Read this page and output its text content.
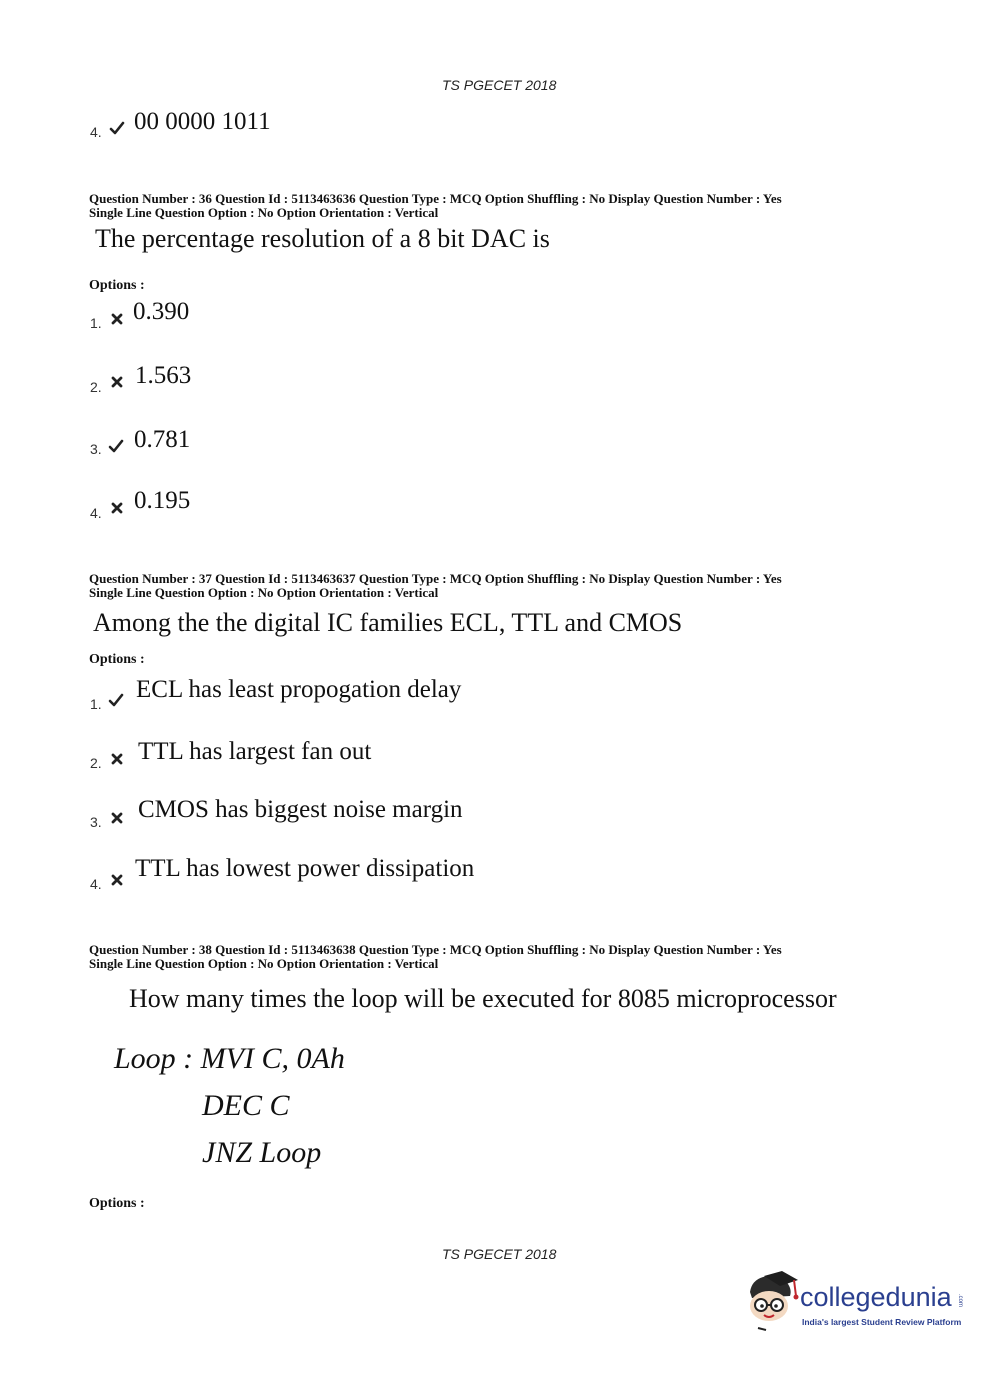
TS PGECET 2018
4. 00 0000 1011
Question Number : 36 Question Id : 5113463636 Question Type : MCQ Option Shuffling : No Display Question Number : Yes
Single Line Question Option : No Option Orientation : Vertical
The percentage resolution of a 8 bit DAC is
Options :
1. 0.390
2. 1.563
3. 0.781
4. 0.195
Question Number : 37 Question Id : 5113463637 Question Type : MCQ Option Shuffling : No Display Question Number : Yes
Single Line Question Option : No Option Orientation : Vertical
Among the the digital IC families ECL, TTL and CMOS
Options :
1.
ECL has least propogation delay
2. TTL has largest fan out
3. CMOS has biggest noise margin
4.
TTL has lowest power dissipation
Question Number : 38 Question Id : 5113463638 Question Type : MCQ Option Shuffling : No Display Question Number : Yes
Single Line Question Option : No Option Orientation : Vertical
How many times the loop will be executed for 8085 microprocessor
Loop : MVI C, 0Ah
DEC C
JNZ Loop
Options :
TS PGECET 2018
collegedunia .com
India's largest Student Review Platform
